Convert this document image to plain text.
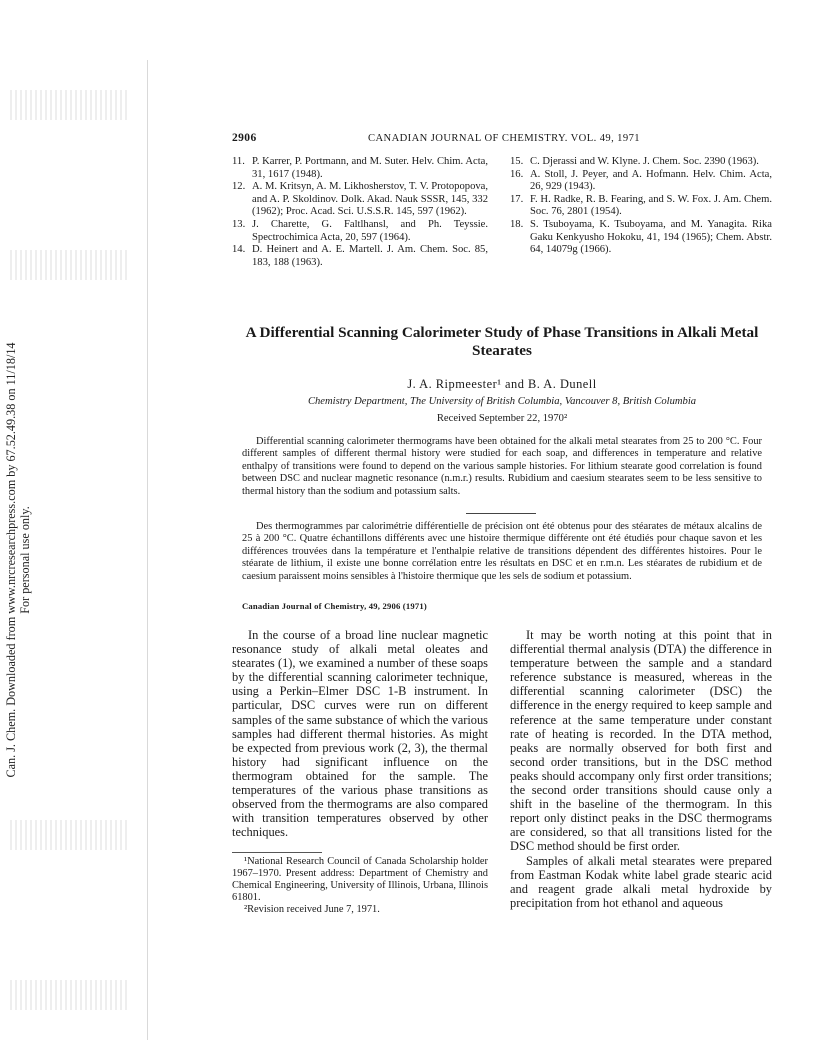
Can. J. Chem. Downloaded from www.nrcresearchpress.com by 67.52.49.38 on 11/18/14 For personal use only.
2906	CANADIAN JOURNAL OF CHEMISTRY. VOL. 49, 1971
11. P. Karrer, P. Portmann, and M. Suter. Helv. Chim. Acta, 31, 1617 (1948).
12. A. M. Kritsyn, A. M. Likhosherstov, T. V. Protopopova, and A. P. Skoldinov. Dolk. Akad. Nauk SSSR, 145, 332 (1962); Proc. Acad. Sci. U.S.S.R. 145, 597 (1962).
13. J. Charette, G. Faltlhansl, and Ph. Teyssie. Spectrochimica Acta, 20, 597 (1964).
14. D. Heinert and A. E. Martell. J. Am. Chem. Soc. 85, 183, 188 (1963).
15. C. Djerassi and W. Klyne. J. Chem. Soc. 2390 (1963).
16. A. Stoll, J. Peyer, and A. Hofmann. Helv. Chim. Acta, 26, 929 (1943).
17. F. H. Radke, R. B. Fearing, and S. W. Fox. J. Am. Chem. Soc. 76, 2801 (1954).
18. S. Tsuboyama, K. Tsuboyama, and M. Yanagita. Rika Gaku Kenkyusho Hokoku, 41, 194 (1965); Chem. Abstr. 64, 14079g (1966).
A Differential Scanning Calorimeter Study of Phase Transitions in Alkali Metal Stearates
J. A. Ripmeester¹ and B. A. Dunell
Chemistry Department, The University of British Columbia, Vancouver 8, British Columbia
Received September 22, 1970²
Differential scanning calorimeter thermograms have been obtained for the alkali metal stearates from 25 to 200 °C. Four different samples of different thermal history were studied for each soap, and differences in temperature and relative enthalpy of transitions were found to depend on the various sample histories. For lithium stearate good correlation is found between DSC and nuclear magnetic resonance (n.m.r.) results. Rubidium and caesium stearates seem to be less sensitive to thermal history than the sodium and potassium salts.
Des thermogrammes par calorimétrie différentielle de précision ont été obtenus pour des stéarates de métaux alcalins de 25 à 200 °C. Quatre échantillons différents avec une histoire thermique différente ont été étudiés pour chaque savon et les différences trouvées dans la température et l'enthalpie relative de transitions dépendent des différentes histoires. Pour le stéarate de lithium, il existe une bonne corrélation entre les résultats en DSC et en r.m.n. Les stéarates de rubidium et de caesium paraissent moins sensibles à l'histoire thermique que les sels de sodium et potassium.
Canadian Journal of Chemistry, 49, 2906 (1971)

In the course of a broad line nuclear magnetic resonance study of alkali metal oleates and stearates (1), we examined a number of these soaps by the differential scanning calorimeter technique, using a Perkin–Elmer DSC 1-B instrument. In particular, DSC curves were run on different samples of the same substance of which the various samples had different thermal histories. As might be expected from previous work (2, 3), the thermal history had significant influence on the thermogram obtained for the sample. The temperatures of the various phase transitions as observed from the thermograms are also compared with transition temperatures observed by other techniques.

It may be worth noting at this point that in differential thermal analysis (DTA) the difference in temperature between the sample and a standard reference substance is measured, whereas in the differential scanning calorimeter (DSC) the difference in the energy required to keep sample and reference at the same temperature under constant rate of heating is recorded. In the DTA method, peaks are normally observed for both first and second order transitions, but in the DSC method peaks should accompany only first order transitions; the second order transitions should cause only a shift in the baseline of the thermogram. In this report only distinct peaks in the DSC thermograms are considered, so that all transitions listed for the DSC method should be first order.

Samples of alkali metal stearates were prepared from Eastman Kodak white label grade stearic acid and reagent grade alkali metal hydroxide by precipitation from hot ethanol and aqueous

¹National Research Council of Canada Scholarship holder 1967–1970. Present address: Department of Chemistry and Chemical Engineering, University of Illinois, Urbana, Illinois 61801.

²Revision received June 7, 1971.
